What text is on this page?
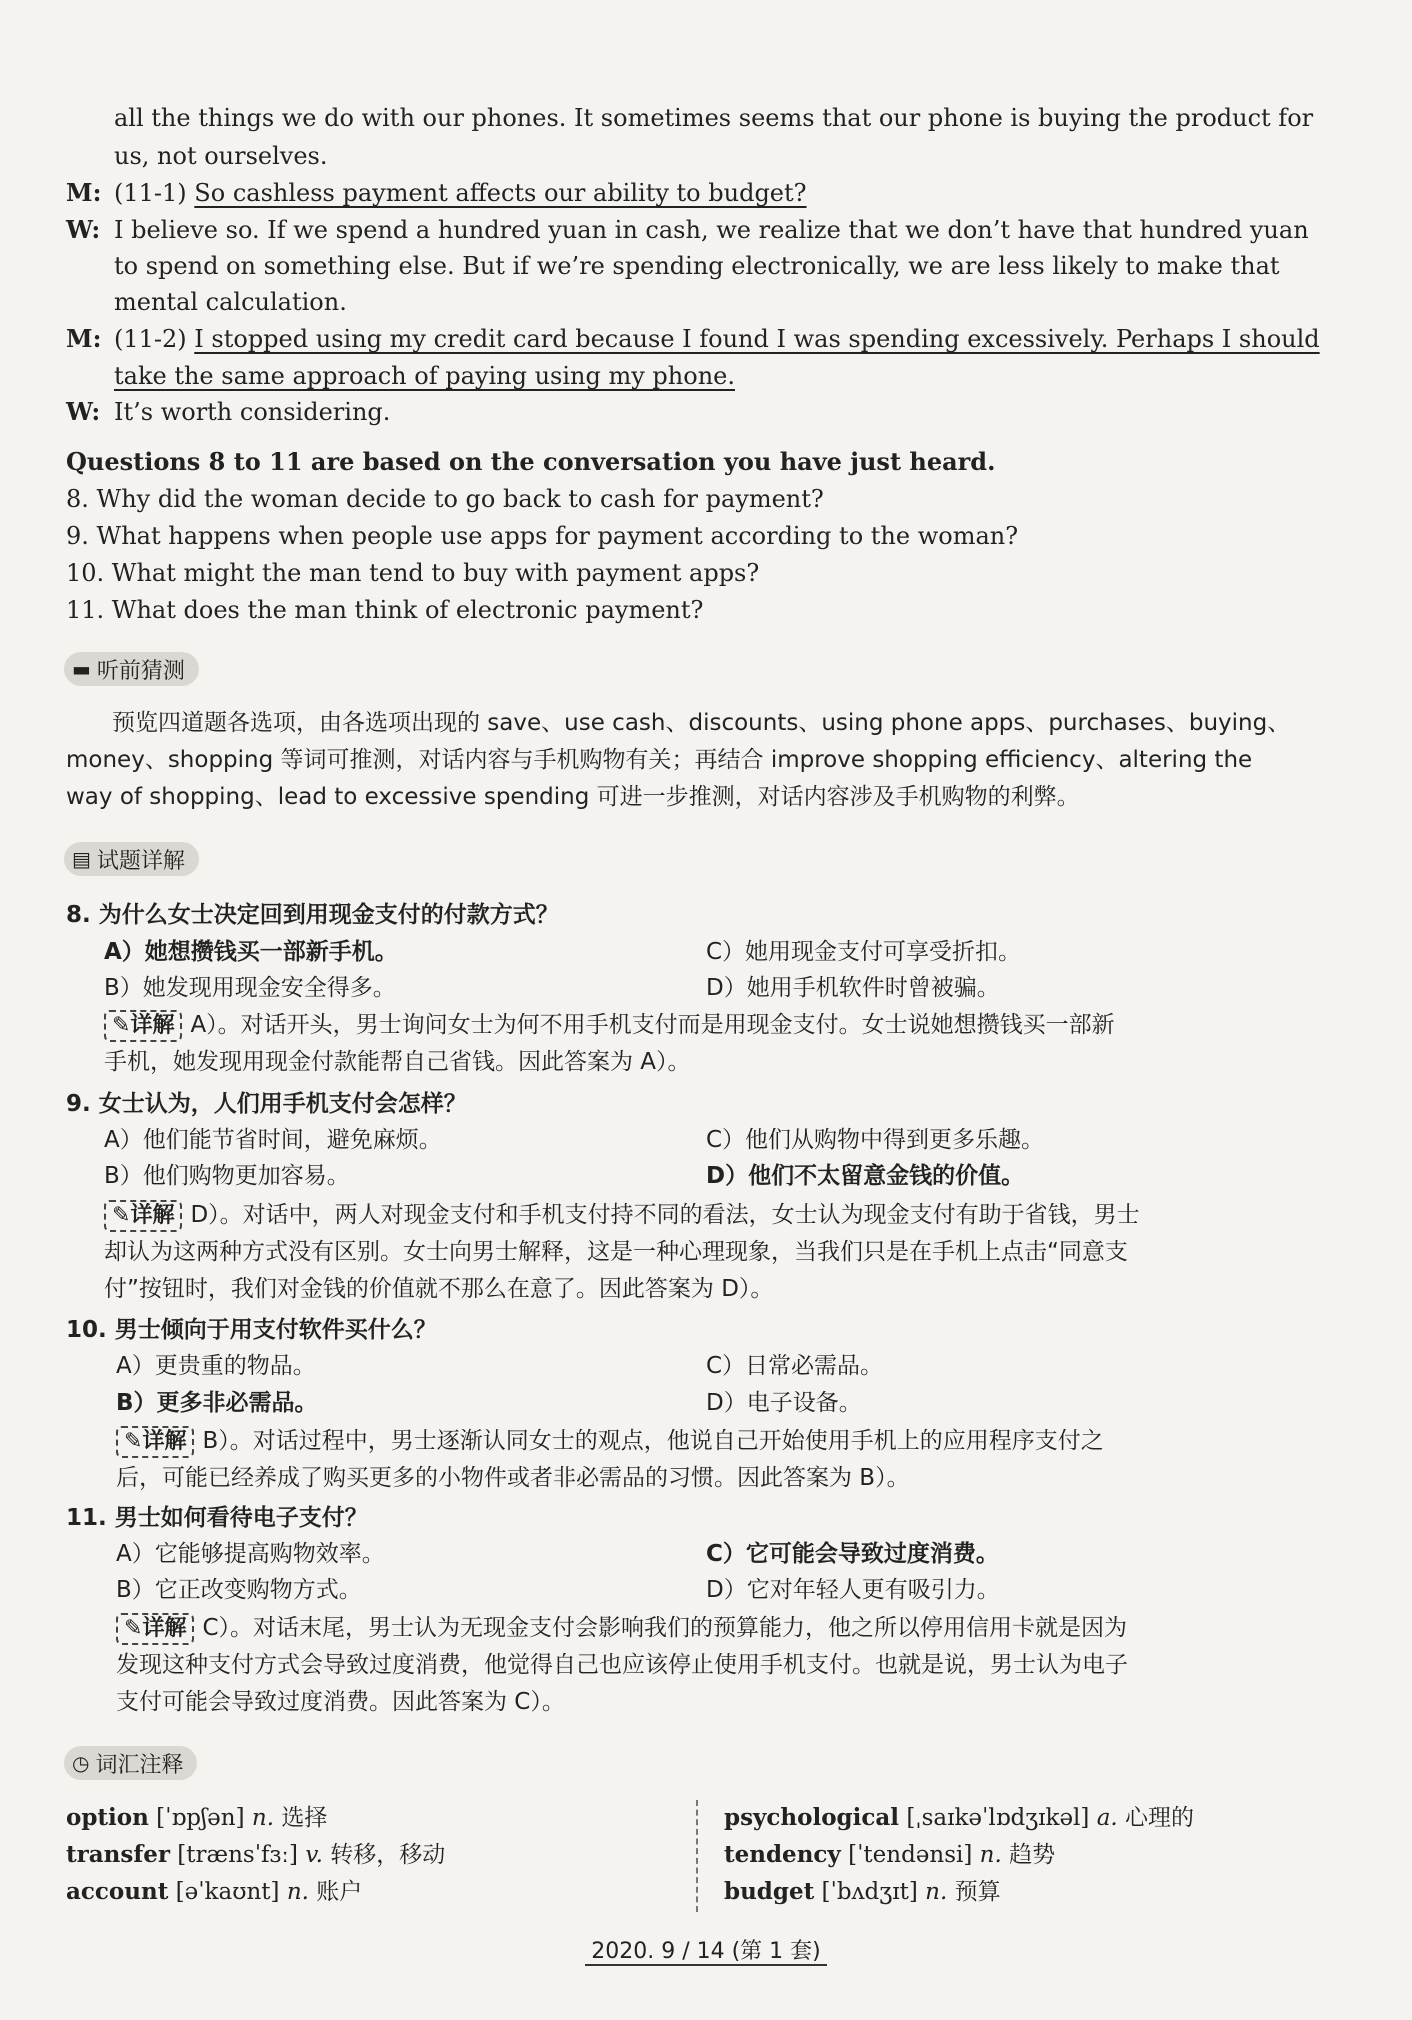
all the things we do with our phones. It sometimes seems that our phone is buying the product for
us, not ourselves.
M: (11-1) So cashless payment affects our ability to budget?
W: I believe so. If we spend a hundred yuan in cash, we realize that we don’t have that hundred yuan
to spend on something else. But if we’re spending electronically, we are less likely to make that
mental calculation.
M: (11-2) I stopped using my credit card because I found I was spending excessively. Perhaps I should
take the same approach of paying using my phone.
W: It’s worth considering.
Questions 8 to 11 are based on the conversation you have just heard.
8. Why did the woman decide to go back to cash for payment?
9. What happens when people use apps for payment according to the woman?
10. What might the man tend to buy with payment apps?
11. What does the man think of electronic payment?
▬ 听前猜测

预览四道题各选项，由各选项出现的 save、use cash、discounts、using phone apps、purchases、buying、

money、shopping 等词可推测，对话内容与手机购物有关；再结合 improve shopping efficiency、altering the

way of shopping、lead to excessive spending 可进一步推测，对话内容涉及手机购物的利弊。

▤ 试题详解
8. 为什么女士决定回到用现金支付的付款方式？
A）她想攒钱买一部新手机。	C）她用现金支付可享受折扣。
B）她发现用现金安全得多。	D）她用手机软件时曾被骗。
✎详解 A）。对话开头，男士询问女士为何不用手机支付而是用现金支付。女士说她想攒钱买一部新
手机，她发现用现金付款能帮自己省钱。因此答案为 A）。
9. 女士认为，人们用手机支付会怎样？
A）他们能节省时间，避免麻烦。	C）他们从购物中得到更多乐趣。
B）他们购物更加容易。	D）他们不太留意金钱的价值。
✎详解 D）。对话中，两人对现金支付和手机支付持不同的看法，女士认为现金支付有助于省钱，男士
却认为这两种方式没有区别。女士向男士解释，这是一种心理现象，当我们只是在手机上点击“同意支
付”按钮时，我们对金钱的价值就不那么在意了。因此答案为 D）。
10. 男士倾向于用支付软件买什么？
A）更贵重的物品。	C）日常必需品。
B）更多非必需品。	D）电子设备。
✎详解 B）。对话过程中，男士逐渐认同女士的观点，他说自己开始使用手机上的应用程序支付之
后，可能已经养成了购买更多的小物件或者非必需品的习惯。因此答案为 B）。
11. 男士如何看待电子支付？
A）它能够提高购物效率。	C）它可能会导致过度消费。
B）它正改变购物方式。	D）它对年轻人更有吸引力。
✎详解 C）。对话末尾，男士认为无现金支付会影响我们的预算能力，他之所以停用信用卡就是因为
发现这种支付方式会导致过度消费，他觉得自己也应该停止使用手机支付。也就是说，男士认为电子
支付可能会导致过度消费。因此答案为 C）。
◷ 词汇注释
option [ˈɒpʃən] n. 选择
transfer [trænsˈfɜː] v. 转移，移动
account [əˈkaʊnt] n. 账户
psychological [ˌsaɪkəˈlɒdʒɪkəl] a. 心理的
tendency [ˈtendənsi] n. 趋势
budget [ˈbʌdʒɪt] n. 预算
2020. 9 / 14 (第 1 套)
